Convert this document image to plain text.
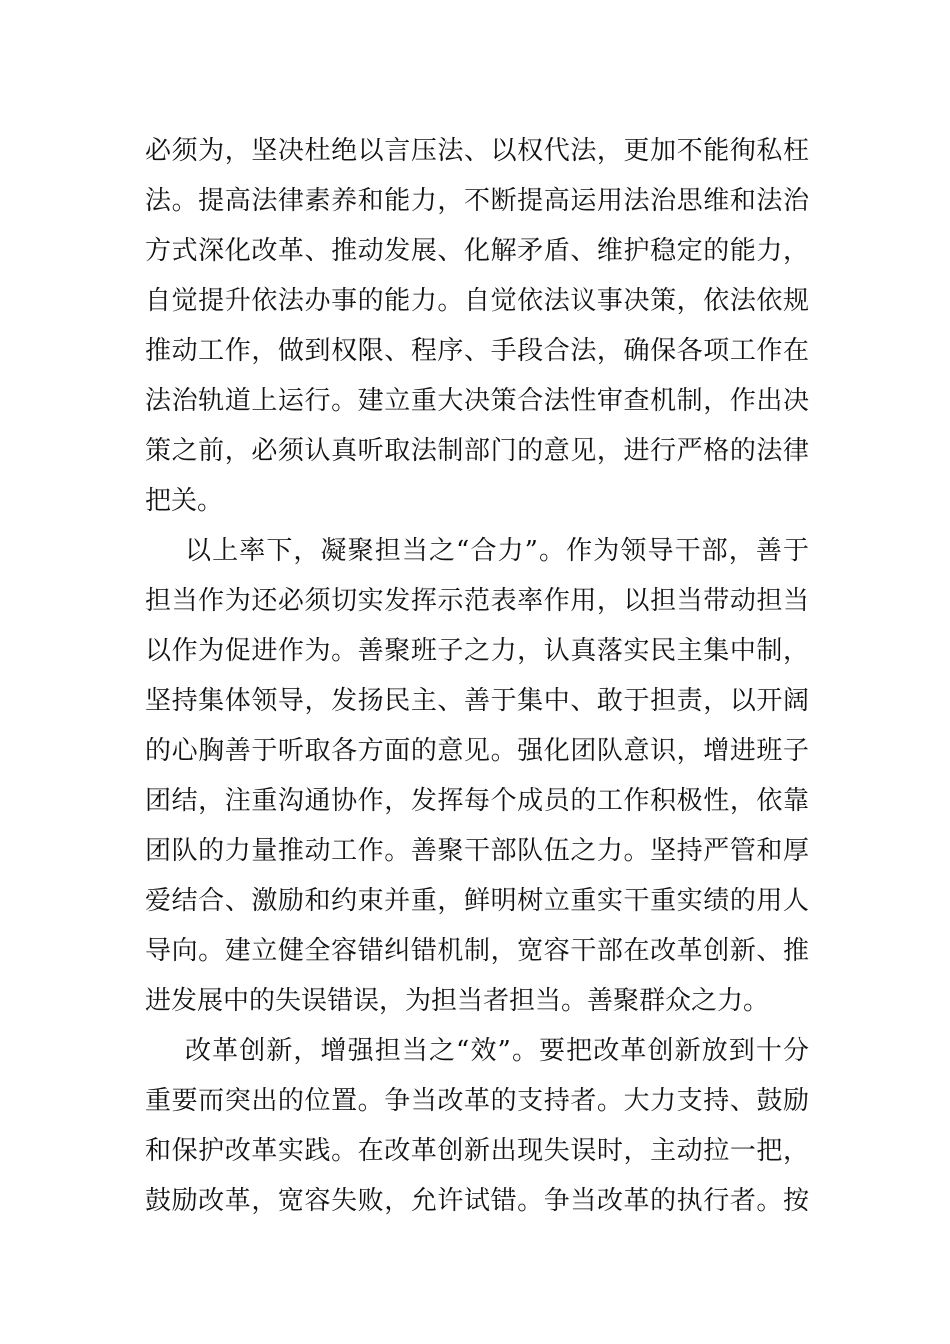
必须为，坚决杜绝以言压法、以权代法，更加不能徇私枉
法。提高法律素养和能力，不断提高运用法治思维和法治
方式深化改革、推动发展、化解矛盾、维护稳定的能力，
自觉提升依法办事的能力。自觉依法议事决策，依法依规
推动工作，做到权限、程序、手段合法，确保各项工作在
法治轨道上运行。建立重大决策合法性审查机制，作出决
策之前，必须认真听取法制部门的意见，进行严格的法律
把关。
以上率下，凝聚担当之“合力”。作为领导干部，善于
担当作为还必须切实发挥示范表率作用，以担当带动担当
以作为促进作为。善聚班子之力，认真落实民主集中制，
坚持集体领导，发扬民主、善于集中、敢于担责，以开阔
的心胸善于听取各方面的意见。强化团队意识，增进班子
团结，注重沟通协作，发挥每个成员的工作积极性，依靠
团队的力量推动工作。善聚干部队伍之力。坚持严管和厚
爱结合、激励和约束并重，鲜明树立重实干重实绩的用人
导向。建立健全容错纠错机制，宽容干部在改革创新、推
进发展中的失误错误，为担当者担当。善聚群众之力。
改革创新，增强担当之“效”。要把改革创新放到十分
重要而突出的位置。争当改革的支持者。大力支持、鼓励
和保护改革实践。在改革创新出现失误时，主动拉一把，
鼓励改革，宽容失败，允许试错。争当改革的执行者。按
